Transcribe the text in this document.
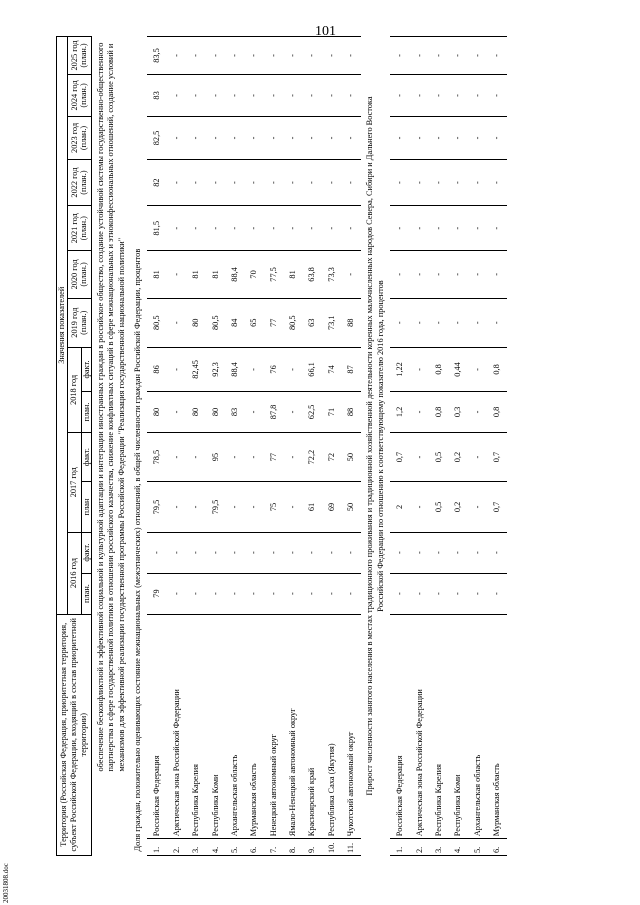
101
20031808.doc
Территория (Российская Федерация, приоритетная территория, субъект Российской Федерации, входящий в состав приоритетной территории)		Значения показателей												
		2016 год		2017 год		2018 год		2019 год (план.)	2020 год (план.)	2021 год (план.)	2022 год (план.)	2023 год (план.)	2024 год (план.)	2025 год (план.)
		план.	факт.	план	факт.	план.	факт.							

обеспечение бесконфликтной и эффективной социальной и культурной адаптации и интеграции иностранных граждан в российское общество, создание устойчивой системы государственно-общественного партнерства в сфере государственной политики в отношении российского казачества, снижение конфликтных ситуаций в сфере межнациональных и этноконфессиональных отношений, создание условий и механизмов для эффективной реализации государственной программы Российской Федерации "Реализация государственной национальной политики"														

Доля граждан, положительно оценивающих состояние межнациональных (межэтнических) отношений, в общей численности граждан Российской Федерации, процентов														

1.	Российская Федерация	79	-	79,5	78,5	80	86	80,5	81	81,5	82	82,5	83	83,5
2.	Арктическая зона Российской Федерации	-	-	-	-	-	-	-	-	-	-	-	-	-
3.	Республика Карелия	-	-	-	-	80	82,45	80	81	-	-	-	-	-
4.	Республика Коми	-	-	79,5	95	80	92,3	80,5	81	-	-	-	-	-
5.	Архангельская область	-	-	-	-	83	88,4	84	88,4	-	-	-	-	-
6.	Мурманская область	-	-	-	-	-	-	65	70	-	-	-	-	-
7.	Ненецкий автономный округ	-	-	75	77	87,8	76	77	77,5	-	-	-	-	-
8.	Ямало-Ненецкий автономный округ	-	-	-	-	-	-	80,5	81	-	-	-	-	-
9.	Красноярский край	-	-	61	72,2	62,5	66,1	63	63,8	-	-	-	-	-
10.	Республика Саха (Якутия)	-	-	69	72	71	74	73,1	73,3	-	-	-	-	-
11.	Чукотский автономный округ	-	-	50	50	88	87	88	-	-	-	-	-	-

Прирост численности занятого населения в местах традиционного проживания и традиционной хозяйственной деятельности коренных малочисленных народов Севера, Сибири и Дальнего Востока Российской Федерации по отношению к соответствующему показателю 2016 года, процентов														

1.	Российская Федерация	-	-	2	0,7	1,2	1,22	-	-	-	-	-	-	-
2.	Арктическая зона Российской Федерации	-	-	-	-	-	-	-	-	-	-	-	-	-
3.	Республика Карелия	-	-	0,5	0,5	0,8	0,8	-	-	-	-	-	-	-
4.	Республика Коми	-	-	0,2	0,2	0,3	0,44	-	-	-	-	-	-	-
5.	Архангельская область	-	-	-	-	-	-	-	-	-	-	-	-	-
6.	Мурманская область	-	-	0,7	0,7	0,8	0,8	-	-	-	-	-	-	-
